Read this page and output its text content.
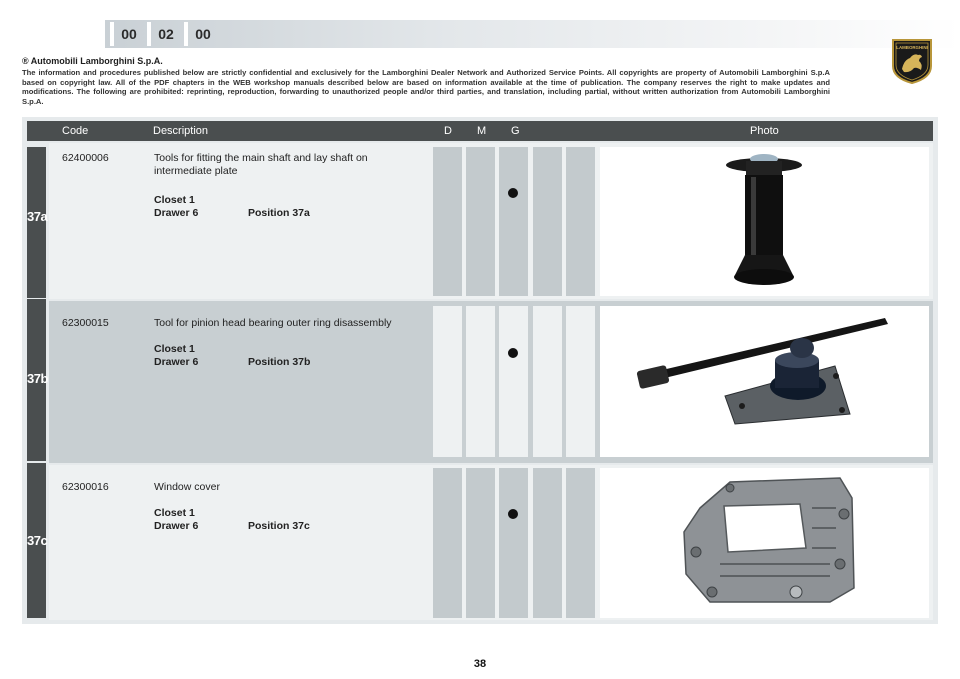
00	02	00
® Automobili Lamborghini S.p.A.
The information and procedures published below are strictly confidential and exclusively for the Lamborghini Dealer Network and Authorized Service Points. All copyrights are property of Automobili Lamborghini S.p.A based on copyright law. All of the PDF chapters in the WEB workshop manuals described below are based on information available at the time of publication. The company reserves the right to make updates and modifications. The following are prohibited: reprinting, reproduction, forwarding to unauthorized people and/or third parties, and translation, including partial, without written authorization from Automobili Lamborghini S.p.A.
LAMBORGHINI
Code	Description	D M G	Photo
37a
62400006	Tools for fitting the main shaft and lay shaft on intermediate plate
Closet 1
Drawer 6	Position 37a
37b
62300015	Tool for pinion head bearing outer ring disassembly
Closet 1
Drawer 6	Position 37b
37c
62300016	Window cover
Closet 1
Drawer 6	Position 37c
38
